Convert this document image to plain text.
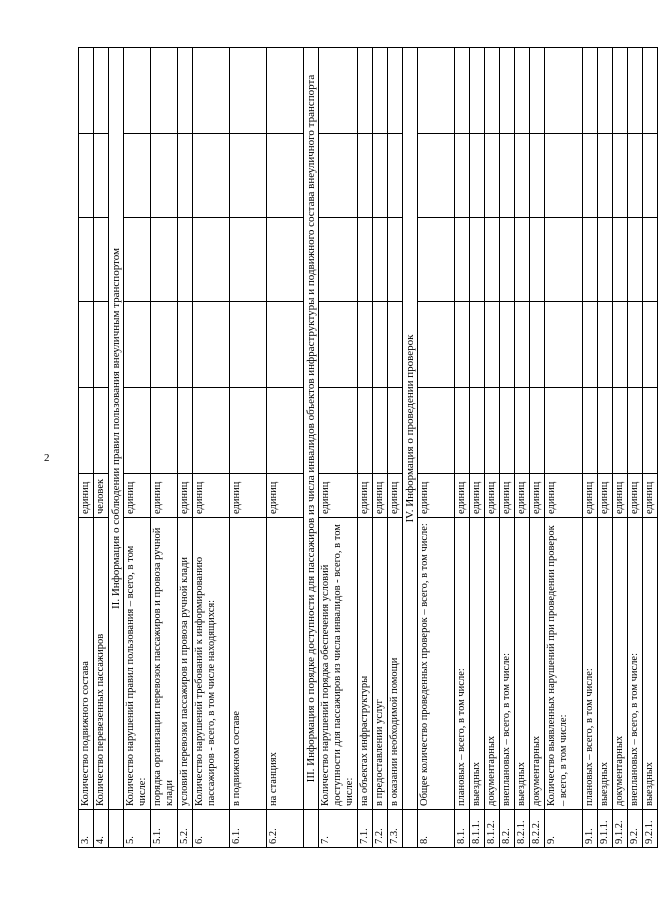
2
3.	Количество подвижного состава	единиц					
4.	Количество перевезенных пассажиров	человек					
	II. Информация о соблюдении правил пользования внеуличным транспортом						
5.	Количество нарушений правил пользования – всего, в том числе:	единиц					
5.1.	порядка организации перевозок пассажиров и провоза ручной клади	единиц					
5.2.	условий перевозки пассажиров и провоза ручной клади	единиц					
6.	Количество нарушений требований к информированию пассажиров - всего, в том числе находящихся:	единиц					
6.1.	в подвижном составе	единиц					
6.2.	на станциях	единиц					
	III. Информация о порядке доступности для пассажиров из числа инвалидов объектов инфраструктуры и подвижного состава внеуличного транспорта						
7.	Количество нарушений порядка обеспечения условий доступности для пассажиров из числа инвалидов - всего, в том числе:	единиц					
7.1.	на объектах инфраструктуры	единиц					
7.2.	в предоставлении услуг	единиц					
7.3.	в оказании необходимой помощи	единиц					
	IV. Информация о проведении проверок						
8.	Общее количество проведенных проверок – всего, в том числе:	единиц					
8.1.	плановых – всего, в том числе:	единиц					
8.1.1.	выездных	единиц					
8.1.2.	документарных	единиц					
8.2.	внеплановых – всего, в том числе:	единиц					
8.2.1.	выездных	единиц					
8.2.2.	документарных	единиц					
9.	Количество выявленных нарушений при проведении проверок – всего, в том числе:	единиц					
9.1.	плановых – всего, в том числе:	единиц					
9.1.1.	выездных	единиц					
9.1.2.	документарных	единиц					
9.2.	внеплановых – всего, в том числе:	единиц					
9.2.1.	выездных	единиц					
